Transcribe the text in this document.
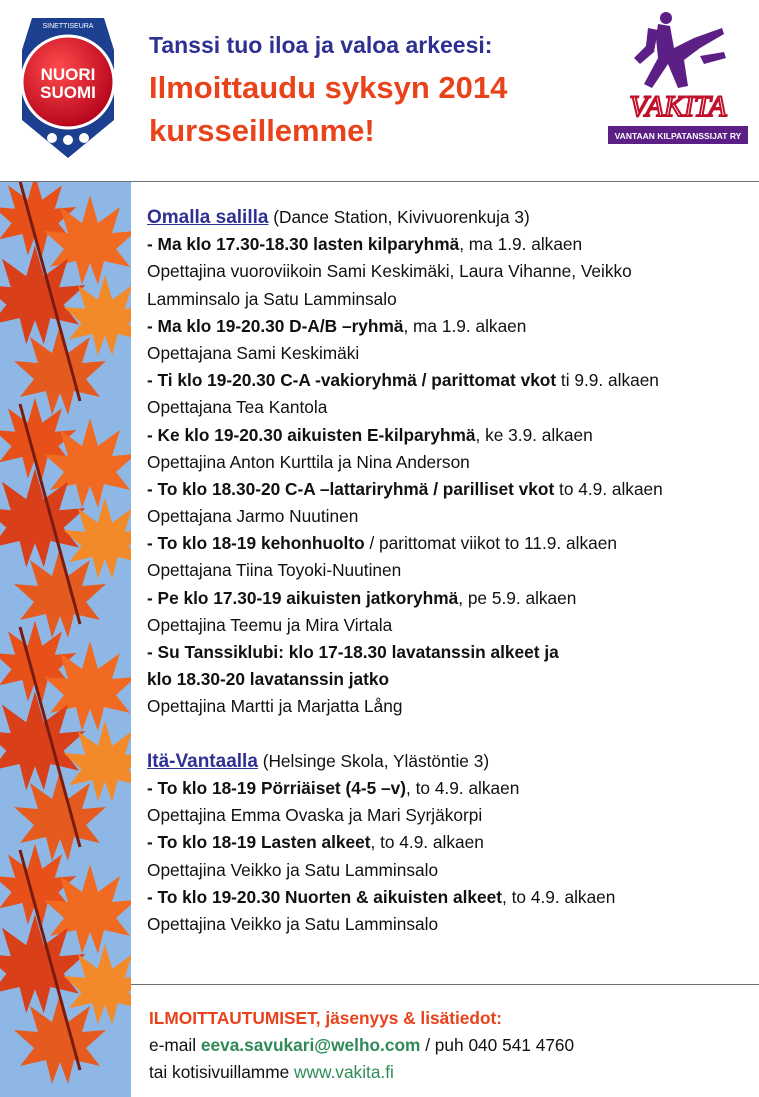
SINETTISEURA
NUORI
SUOMI	VAKITA
VANTAAN KILPATANSSIJAT RY
Tanssi tuo iloa ja valoa arkeesi:
Ilmoittaudu syksyn 2014
kursseillemme!
Omalla salilla (Dance Station, Kivivuorenkuja 3)
- Ma klo 17.30-18.30 lasten kilparyhmä, ma 1.9. alkaen
Opettajina vuoroviikoin Sami Keskimäki, Laura Vihanne, Veikko
Lamminsalo ja Satu Lamminsalo
- Ma klo 19-20.30 D-A/B –ryhmä, ma 1.9. alkaen
Opettajana Sami Keskimäki
- Ti klo 19-20.30 C-A -vakioryhmä / parittomat vkot ti 9.9. alkaen
Opettajana Tea Kantola
- Ke klo 19-20.30 aikuisten E-kilparyhmä, ke 3.9. alkaen
Opettajina Anton Kurttila ja Nina Anderson
- To klo 18.30-20 C-A –lattariryhmä / parilliset vkot to 4.9. alkaen
Opettajana Jarmo Nuutinen
- To klo 18-19 kehonhuolto / parittomat viikot to 11.9. alkaen
Opettajana Tiina Toyoki-Nuutinen
- Pe klo 17.30-19 aikuisten jatkoryhmä, pe 5.9. alkaen
Opettajina Teemu ja Mira Virtala
- Su Tanssiklubi: klo 17-18.30 lavatanssin alkeet ja
klo 18.30-20 lavatanssin jatko
Opettajina Martti ja Marjatta Lång
Itä-Vantaalla (Helsinge Skola, Ylästöntie 3)
- To klo 18-19 Pörriäiset (4-5 –v), to 4.9. alkaen
Opettajina Emma Ovaska ja Mari Syrjäkorpi
- To klo 18-19 Lasten alkeet, to 4.9. alkaen
Opettajina Veikko ja Satu Lamminsalo
- To klo 19-20.30 Nuorten & aikuisten alkeet, to 4.9. alkaen
Opettajina Veikko ja Satu Lamminsalo
ILMOITTAUTUMISET, jäsenyys & lisätiedot:
e-mail eeva.savukari@welho.com / puh 040 541 4760
tai kotisivuillamme www.vakita.fi
